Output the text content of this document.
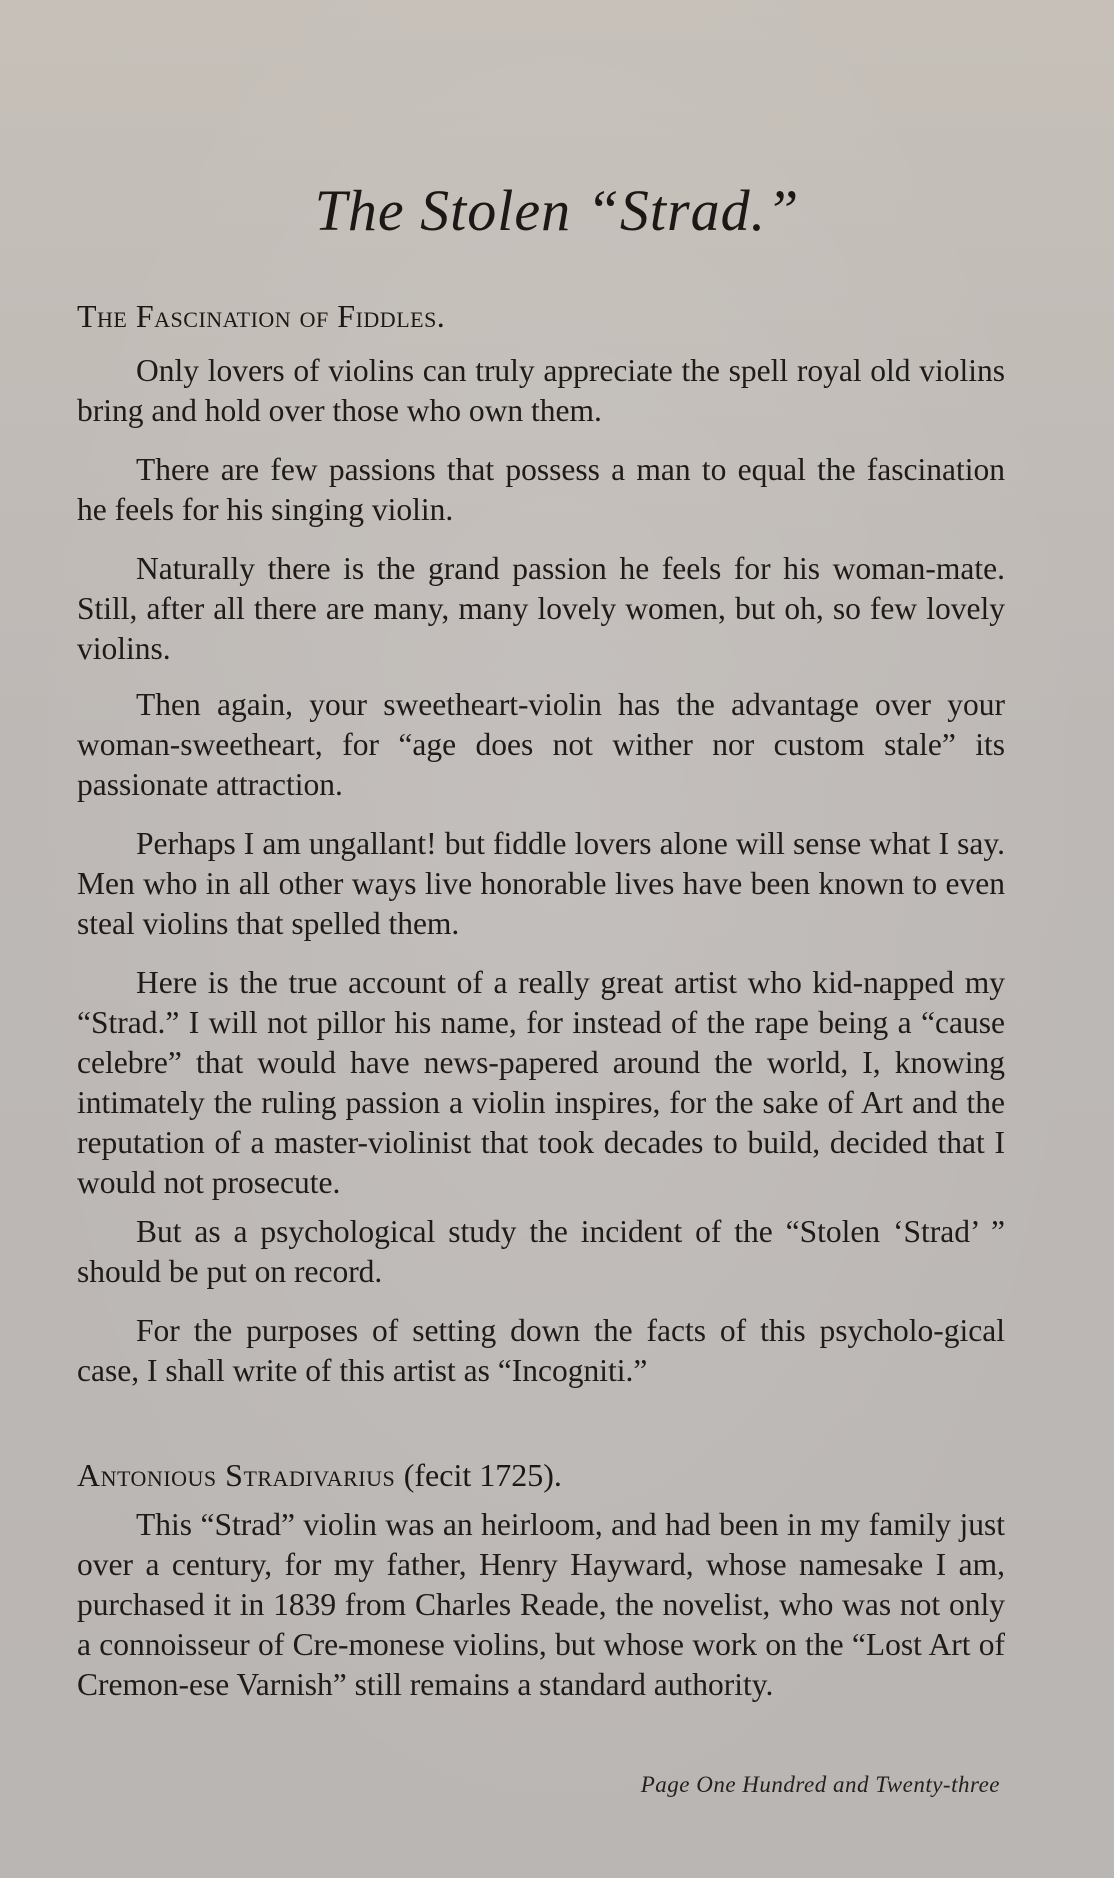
The Stolen “Strad.”
The Fascination of Fiddles.

Only lovers of violins can truly appreciate the spell royal old violins bring and hold over those who own them.

There are few passions that possess a man to equal the fascination he feels for his singing violin.

Naturally there is the grand passion he feels for his woman-mate. Still, after all there are many, many lovely women, but oh, so few lovely violins.

Then again, your sweetheart-violin has the advantage over your woman-sweetheart, for “age does not wither nor custom stale” its passionate attraction.

Perhaps I am ungallant! but fiddle lovers alone will sense what I say. Men who in all other ways live honorable lives have been known to even steal violins that spelled them.

Here is the true account of a really great artist who kid-napped my “Strad.” I will not pillor his name, for instead of the rape being a “cause celebre” that would have news-papered around the world, I, knowing intimately the ruling passion a violin inspires, for the sake of Art and the reputation of a master-violinist that took decades to build, decided that I would not prosecute.

But as a psychological study the incident of the “Stolen ‘Strad’ ” should be put on record.

For the purposes of setting down the facts of this psycholo-gical case, I shall write of this artist as “Incogniti.”

Antonious Stradivarius (fecit 1725).

This “Strad” violin was an heirloom, and had been in my family just over a century, for my father, Henry Hayward, whose namesake I am, purchased it in 1839 from Charles Reade, the novelist, who was not only a connoisseur of Cre-monese violins, but whose work on the “Lost Art of Cremon-ese Varnish” still remains a standard authority.

Page One Hundred and Twenty-three
